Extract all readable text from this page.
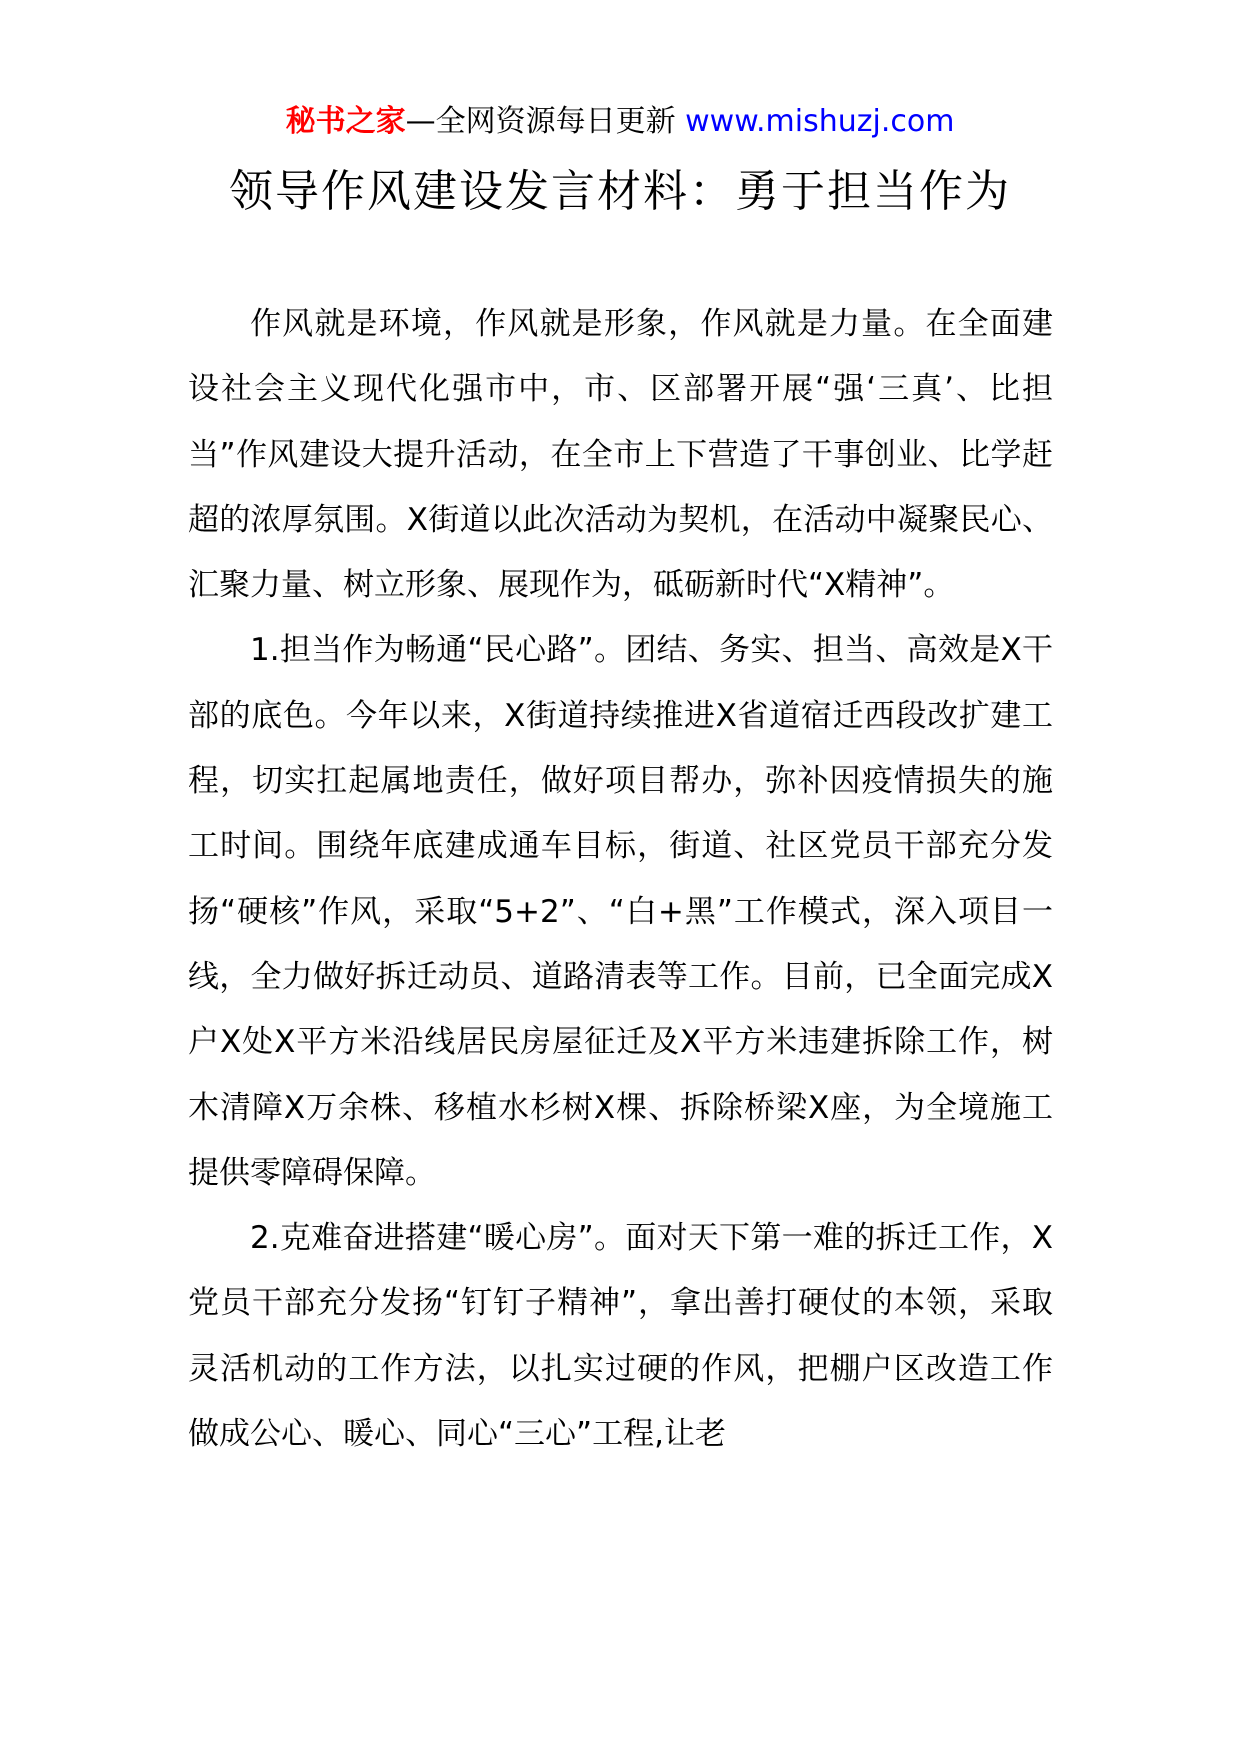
秘书之家—全网资源每日更新 www.mishuzj.com
领导作风建设发言材料：勇于担当作为

作风就是环境，作风就是形象，作风就是力量。在全面建设社会主义现代化强市中，市、区部署开展“强‘三真’、比担当”作风建设大提升活动，在全市上下营造了干事创业、比学赶超的浓厚氛围。X街道以此次活动为契机，在活动中凝聚民心、汇聚力量、树立形象、展现作为，砥砺新时代“X精神”。

1.担当作为畅通“民心路”。团结、务实、担当、高效是X干部的底色。今年以来，X街道持续推进X省道宿迁西段改扩建工程，切实扛起属地责任，做好项目帮办，弥补因疫情损失的施工时间。围绕年底建成通车目标，街道、社区党员干部充分发扬“硬核”作风，采取“5+2”、“白+黑”工作模式，深入项目一线，全力做好拆迁动员、道路清表等工作。目前，已全面完成X户X处X平方米沿线居民房屋征迁及X平方米违建拆除工作，树木清障X万余株、移植水杉树X棵、拆除桥梁X座，为全境施工提供零障碍保障。

2.克难奋进搭建“暖心房”。面对天下第一难的拆迁工作，X党员干部充分发扬“钉钉子精神”，拿出善打硬仗的本领，采取灵活机动的工作方法，以扎实过硬的作风，把棚户区改造工作做成公心、暖心、同心“三心”工程,让老
